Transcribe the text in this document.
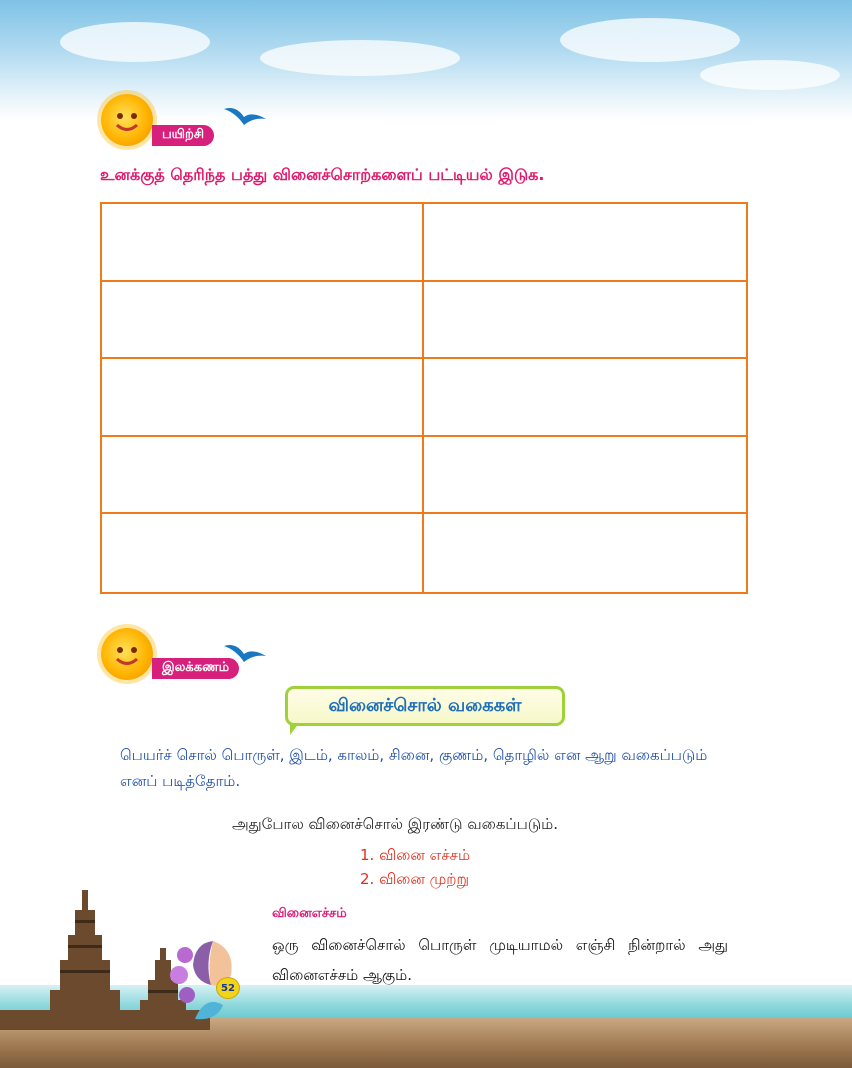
பயிற்சி
உனக்குத் தெரிந்த பத்து வினைச்சொற்களைப் பட்டியல் இடுக.
இலக்கணம்
வினைச்சொல் வகைகள்
பெயர்ச் சொல் பொருள், இடம், காலம், சினை, குணம், தொழில் என ஆறு வகைப்படும் எனப் படித்தோம்.
அதுபோல வினைச்சொல் இரண்டு வகைப்படும்.
1. வினை எச்சம்
2. வினை முற்று
வினைஎச்சம்
ஒரு வினைச்சொல் பொருள் முடியாமல் எஞ்சி நின்றால் அது வினைஎச்சம் ஆகும்.
52
